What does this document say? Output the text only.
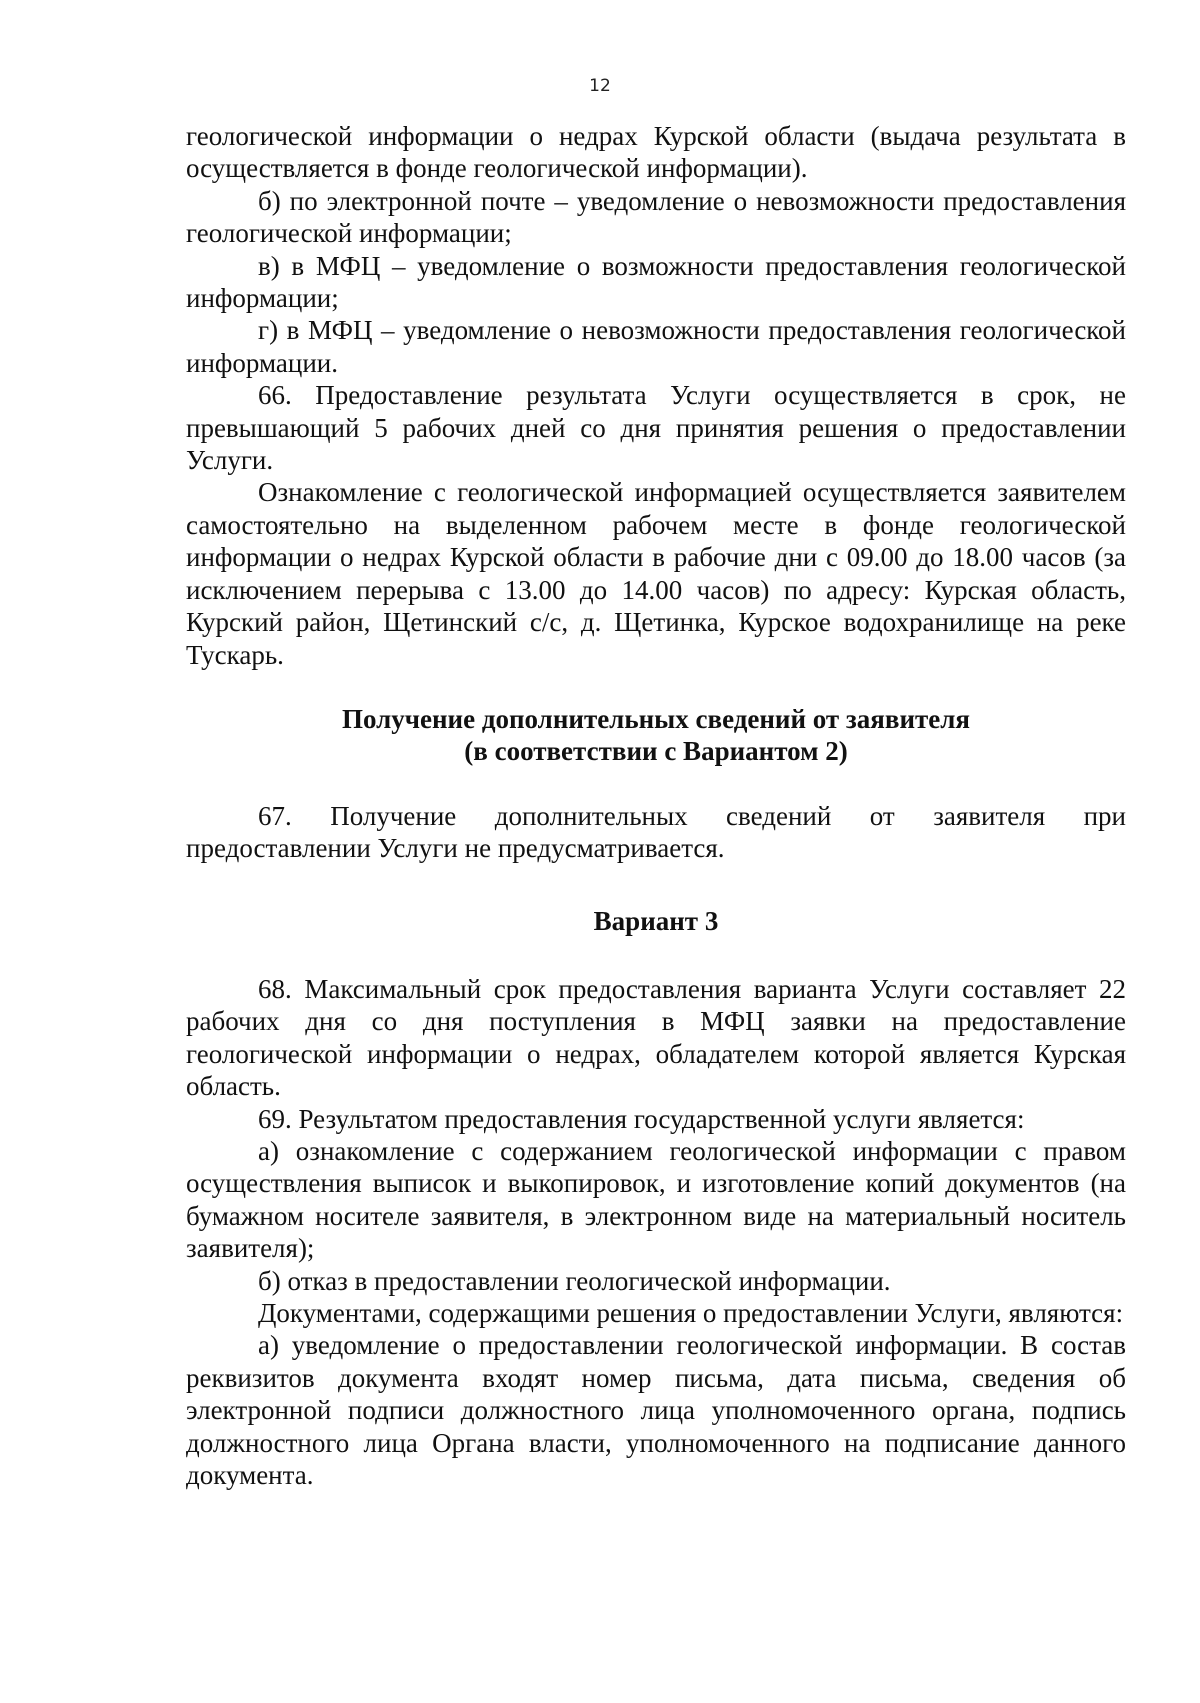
12

геологической информации о недрах Курской области (выдача результата в осуществляется в фонде геологической информации).

б) по электронной почте – уведомление о невозможности предоставления геологической информации;

в) в МФЦ – уведомление о возможности предоставления геологической информации;

г) в МФЦ – уведомление о невозможности предоставления геологической информации.

66. Предоставление результата Услуги осуществляется в срок, не превышающий 5 рабочих дней со дня принятия решения о предоставлении Услуги.

Ознакомление с геологической информацией осуществляется заявителем самостоятельно на выделенном рабочем месте в фонде геологической информации о недрах Курской области в рабочие дни с 09.00 до 18.00 часов (за исключением перерыва с 13.00 до 14.00 часов) по адресу: Курская область, Курский район, Щетинский с/с, д. Щетинка, Курское водохранилище на реке Тускарь.

Получение дополнительных сведений от заявителя

(в соответствии с Вариантом 2)

67. Получение дополнительных сведений от заявителя при предоставлении Услуги не предусматривается.

Вариант 3

68. Максимальный срок предоставления варианта Услуги составляет 22 рабочих дня со дня поступления в МФЦ заявки на предоставление геологической информации о недрах, обладателем которой является Курская область.

69. Результатом предоставления государственной услуги является:

а) ознакомление с содержанием геологической информации с правом осуществления выписок и выкопировок, и изготовление копий документов (на бумажном носителе заявителя, в электронном виде на материальный носитель заявителя);

б) отказ в предоставлении геологической информации.

Документами, содержащими решения о предоставлении Услуги, являются:

а) уведомление о предоставлении геологической информации. В состав реквизитов документа входят номер письма, дата письма, сведения об электронной подписи должностного лица уполномоченного органа, подпись должностного лица Органа власти, уполномоченного на подписание данного документа.
